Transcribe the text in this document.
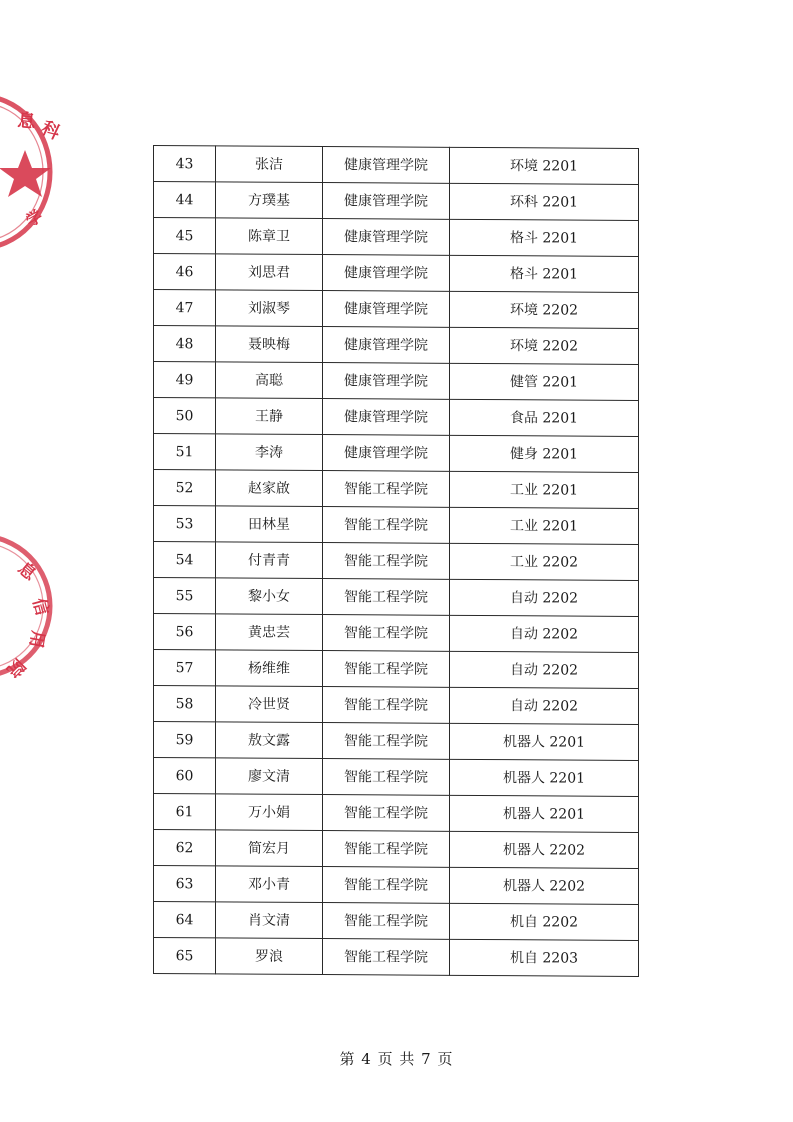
科
息
学
息
信
用
院
43	张洁	健康管理学院	环境 2201
44	方璞基	健康管理学院	环科 2201
45	陈章卫	健康管理学院	格斗 2201
46	刘思君	健康管理学院	格斗 2201
47	刘淑琴	健康管理学院	环境 2202
48	聂映梅	健康管理学院	环境 2202
49	高聪	健康管理学院	健管 2201
50	王静	健康管理学院	食品 2201
51	李涛	健康管理学院	健身 2201
52	赵家啟	智能工程学院	工业 2201
53	田林星	智能工程学院	工业 2201
54	付青青	智能工程学院	工业 2202
55	黎小女	智能工程学院	自动 2202
56	黄忠芸	智能工程学院	自动 2202
57	杨维维	智能工程学院	自动 2202
58	冷世贤	智能工程学院	自动 2202
59	敖文露	智能工程学院	机器人 2201
60	廖文清	智能工程学院	机器人 2201
61	万小娟	智能工程学院	机器人 2201
62	简宏月	智能工程学院	机器人 2202
63	邓小青	智能工程学院	机器人 2202
64	肖文清	智能工程学院	机自 2202
65	罗浪	智能工程学院	机自 2203
第 4 页 共 7 页
